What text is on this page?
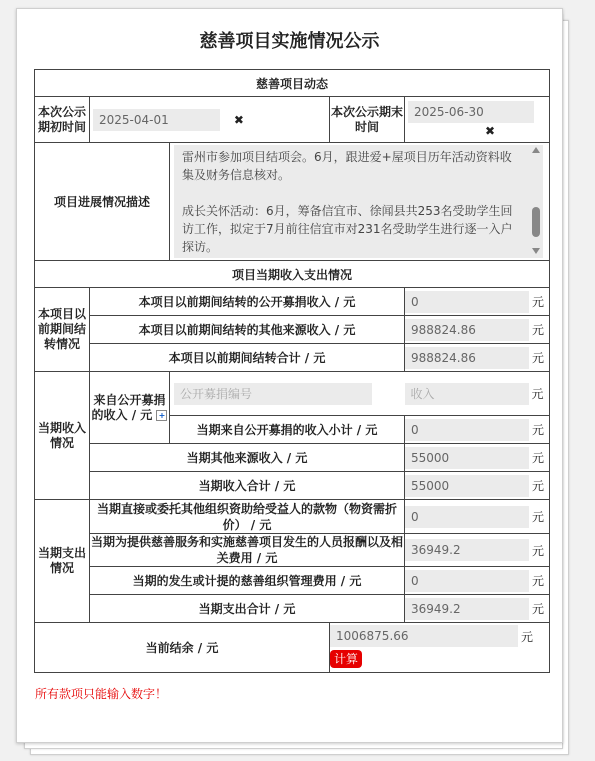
慈善项目实施情况公示
慈善项目动态				
本次公示期初时间	2025-04-01 ✖		本次公示期末时间	2025-06-30 ✖
项目进展情况描述		雷州市参加项目结项会。6月，跟进爱+屋项目历年活动资料收集及财务信息核对。

成长关怀活动：6月，筹备信宜市、徐闻县共253名受助学生回访工作，拟定于7月前往信宜市对231名受助学生进行逐一入户探访。		

项目当期收入支出情况				
本项目以前期间结转情况	本项目以前期间结转的公开募捐收入 / 元			0 元
	本项目以前期间结转的其他来源收入 / 元			988824.86 元
	本项目以前期间结转合计 / 元			988824.86 元
当期收入情况	来自公开募捐的收入 / 元 +	公开募捐编号		收入 元
		当期来自公开募捐的收入小计 / 元		0 元
	当期其他来源收入 / 元			55000 元
	当期收入合计 / 元			55000 元
当期支出情况	当期直接或委托其他组织资助给受益人的款物（物资需折价） / 元			0 元
	当期为提供慈善服务和实施慈善项目发生的人员报酬以及相关费用 / 元			36949.2 元
	当期的发生或计提的慈善组织管理费用 / 元			0 元
	当期支出合计 / 元			36949.2 元
当前结余 / 元			1006875.66 元
计算	
所有款项只能输入数字！
